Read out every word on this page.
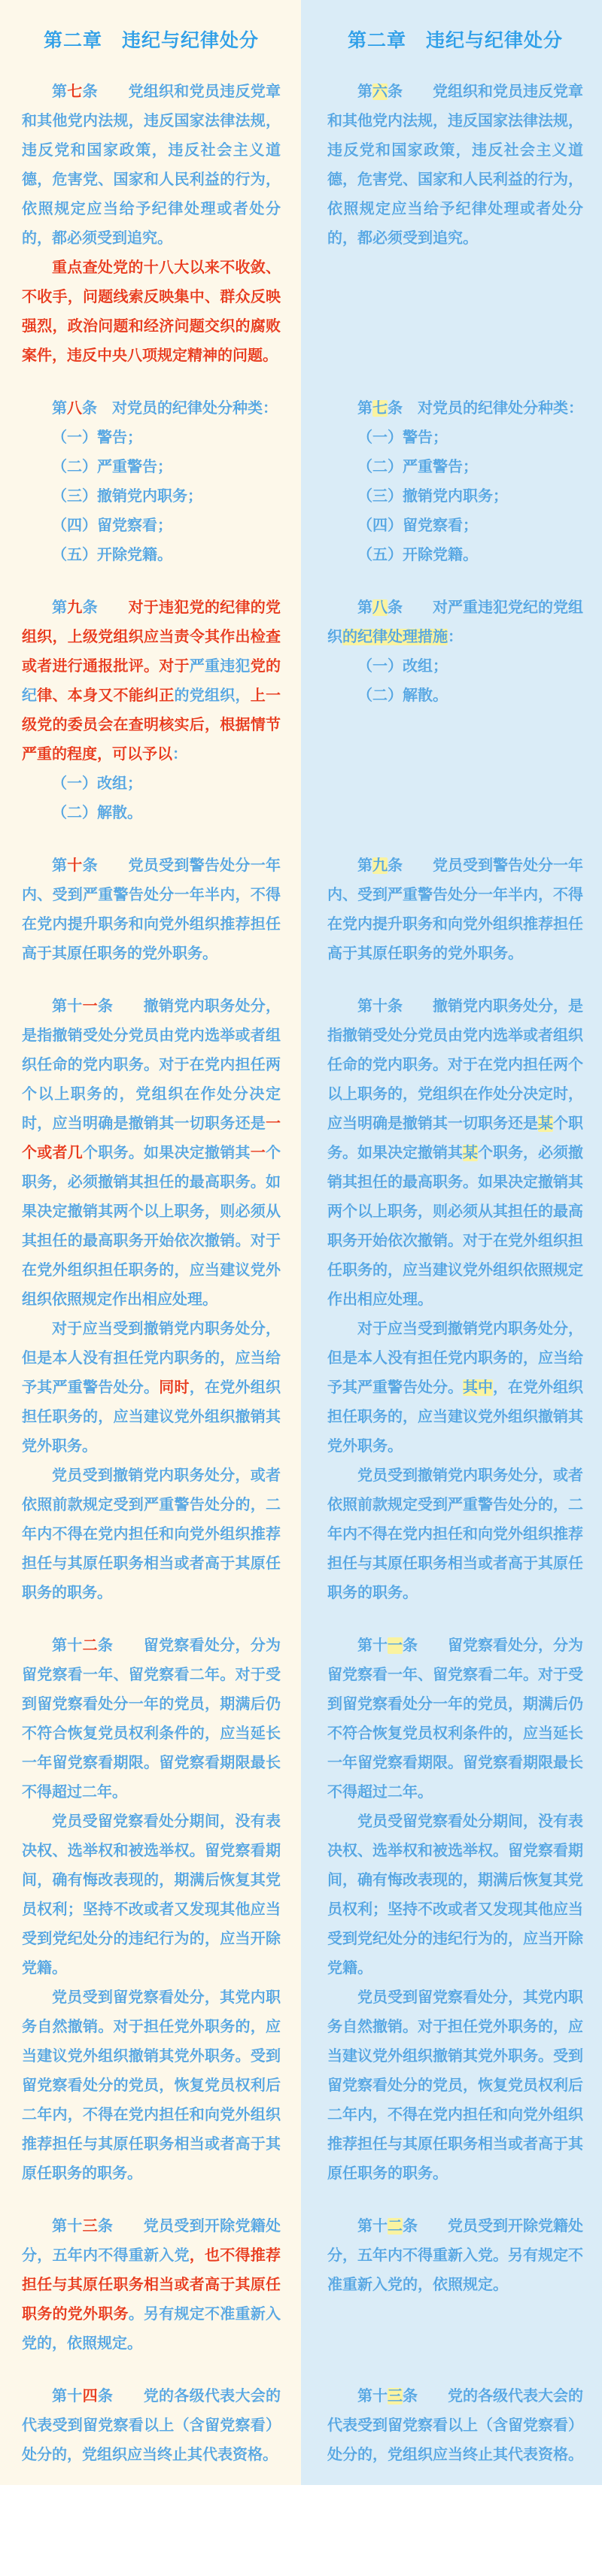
第二章　违纪与纪律处分	第二章　违纪与纪律处分

第七条　　党组织和党员违反党章和其他党内法规，违反国家法律法规，违反党和国家政策，违反社会主义道德，危害党、国家和人民利益的行为，依照规定应当给予纪律处理或者处分的，都必须受到追究。

重点查处党的十八大以来不收敛、不收手，问题线索反映集中、群众反映强烈，政治问题和经济问题交织的腐败案件，违反中央八项规定精神的问题。

第六条　　党组织和党员违反党章和其他党内法规，违反国家法律法规，违反党和国家政策，违反社会主义道德，危害党、国家和人民利益的行为，依照规定应当给予纪律处理或者处分的，都必须受到追究。

第八条　对党员的纪律处分种类：

（一）警告；

（二）严重警告；

（三）撤销党内职务；

（四）留党察看；

（五）开除党籍。

第七条　对党员的纪律处分种类：

（一）警告；

（二）严重警告；

（三）撤销党内职务；

（四）留党察看；

（五）开除党籍。

第九条　　对于违犯党的纪律的党组织，上级党组织应当责令其作出检查或者进行通报批评。对于严重违犯党的纪律、本身又不能纠正的党组织，上一级党的委员会在查明核实后，根据情节严重的程度，可以予以：

（一）改组；

（二）解散。

第八条　　对严重违犯党纪的党组织的纪律处理措施：

（一）改组；

（二）解散。

第十条　　党员受到警告处分一年内、受到严重警告处分一年半内，不得在党内提升职务和向党外组织推荐担任高于其原任职务的党外职务。

第九条　　党员受到警告处分一年内、受到严重警告处分一年半内，不得在党内提升职务和向党外组织推荐担任高于其原任职务的党外职务。

第十一条　　撤销党内职务处分，是指撤销受处分党员由党内选举或者组织任命的党内职务。对于在党内担任两个以上职务的，党组织在作处分决定时，应当明确是撤销其一切职务还是一个或者几个职务。如果决定撤销其一个职务，必须撤销其担任的最高职务。如果决定撤销其两个以上职务，则必须从其担任的最高职务开始依次撤销。对于在党外组织担任职务的，应当建议党外组织依照规定作出相应处理。

对于应当受到撤销党内职务处分，但是本人没有担任党内职务的，应当给予其严重警告处分。同时，在党外组织担任职务的，应当建议党外组织撤销其党外职务。

党员受到撤销党内职务处分，或者依照前款规定受到严重警告处分的，二年内不得在党内担任和向党外组织推荐担任与其原任职务相当或者高于其原任职务的职务。

第十条　　撤销党内职务处分，是指撤销受处分党员由党内选举或者组织任命的党内职务。对于在党内担任两个以上职务的，党组织在作处分决定时，应当明确是撤销其一切职务还是某个职务。如果决定撤销其某个职务，必须撤销其担任的最高职务。如果决定撤销其两个以上职务，则必须从其担任的最高职务开始依次撤销。对于在党外组织担任职务的，应当建议党外组织依照规定作出相应处理。

对于应当受到撤销党内职务处分，但是本人没有担任党内职务的，应当给予其严重警告处分。其中，在党外组织担任职务的，应当建议党外组织撤销其党外职务。

党员受到撤销党内职务处分，或者依照前款规定受到严重警告处分的，二年内不得在党内担任和向党外组织推荐担任与其原任职务相当或者高于其原任职务的职务。

第十二条　　留党察看处分，分为留党察看一年、留党察看二年。对于受到留党察看处分一年的党员，期满后仍不符合恢复党员权利条件的，应当延长一年留党察看期限。留党察看期限最长不得超过二年。

党员受留党察看处分期间，没有表决权、选举权和被选举权。留党察看期间，确有悔改表现的，期满后恢复其党员权利；坚持不改或者又发现其他应当受到党纪处分的违纪行为的，应当开除党籍。

党员受到留党察看处分，其党内职务自然撤销。对于担任党外职务的，应当建议党外组织撤销其党外职务。受到留党察看处分的党员，恢复党员权利后二年内，不得在党内担任和向党外组织推荐担任与其原任职务相当或者高于其原任职务的职务。

第十一条　　留党察看处分，分为留党察看一年、留党察看二年。对于受到留党察看处分一年的党员，期满后仍不符合恢复党员权利条件的，应当延长一年留党察看期限。留党察看期限最长不得超过二年。

党员受留党察看处分期间，没有表决权、选举权和被选举权。留党察看期间，确有悔改表现的，期满后恢复其党员权利；坚持不改或者又发现其他应当受到党纪处分的违纪行为的，应当开除党籍。

党员受到留党察看处分，其党内职务自然撤销。对于担任党外职务的，应当建议党外组织撤销其党外职务。受到留党察看处分的党员，恢复党员权利后二年内，不得在党内担任和向党外组织推荐担任与其原任职务相当或者高于其原任职务的职务。

第十三条　　党员受到开除党籍处分，五年内不得重新入党，也不得推荐担任与其原任职务相当或者高于其原任职务的党外职务。另有规定不准重新入党的，依照规定。

第十二条　　党员受到开除党籍处分，五年内不得重新入党。另有规定不准重新入党的，依照规定。

第十四条　　党的各级代表大会的代表受到留党察看以上（含留党察看）处分的，党组织应当终止其代表资格。

第十三条　　党的各级代表大会的代表受到留党察看以上（含留党察看）处分的，党组织应当终止其代表资格。
